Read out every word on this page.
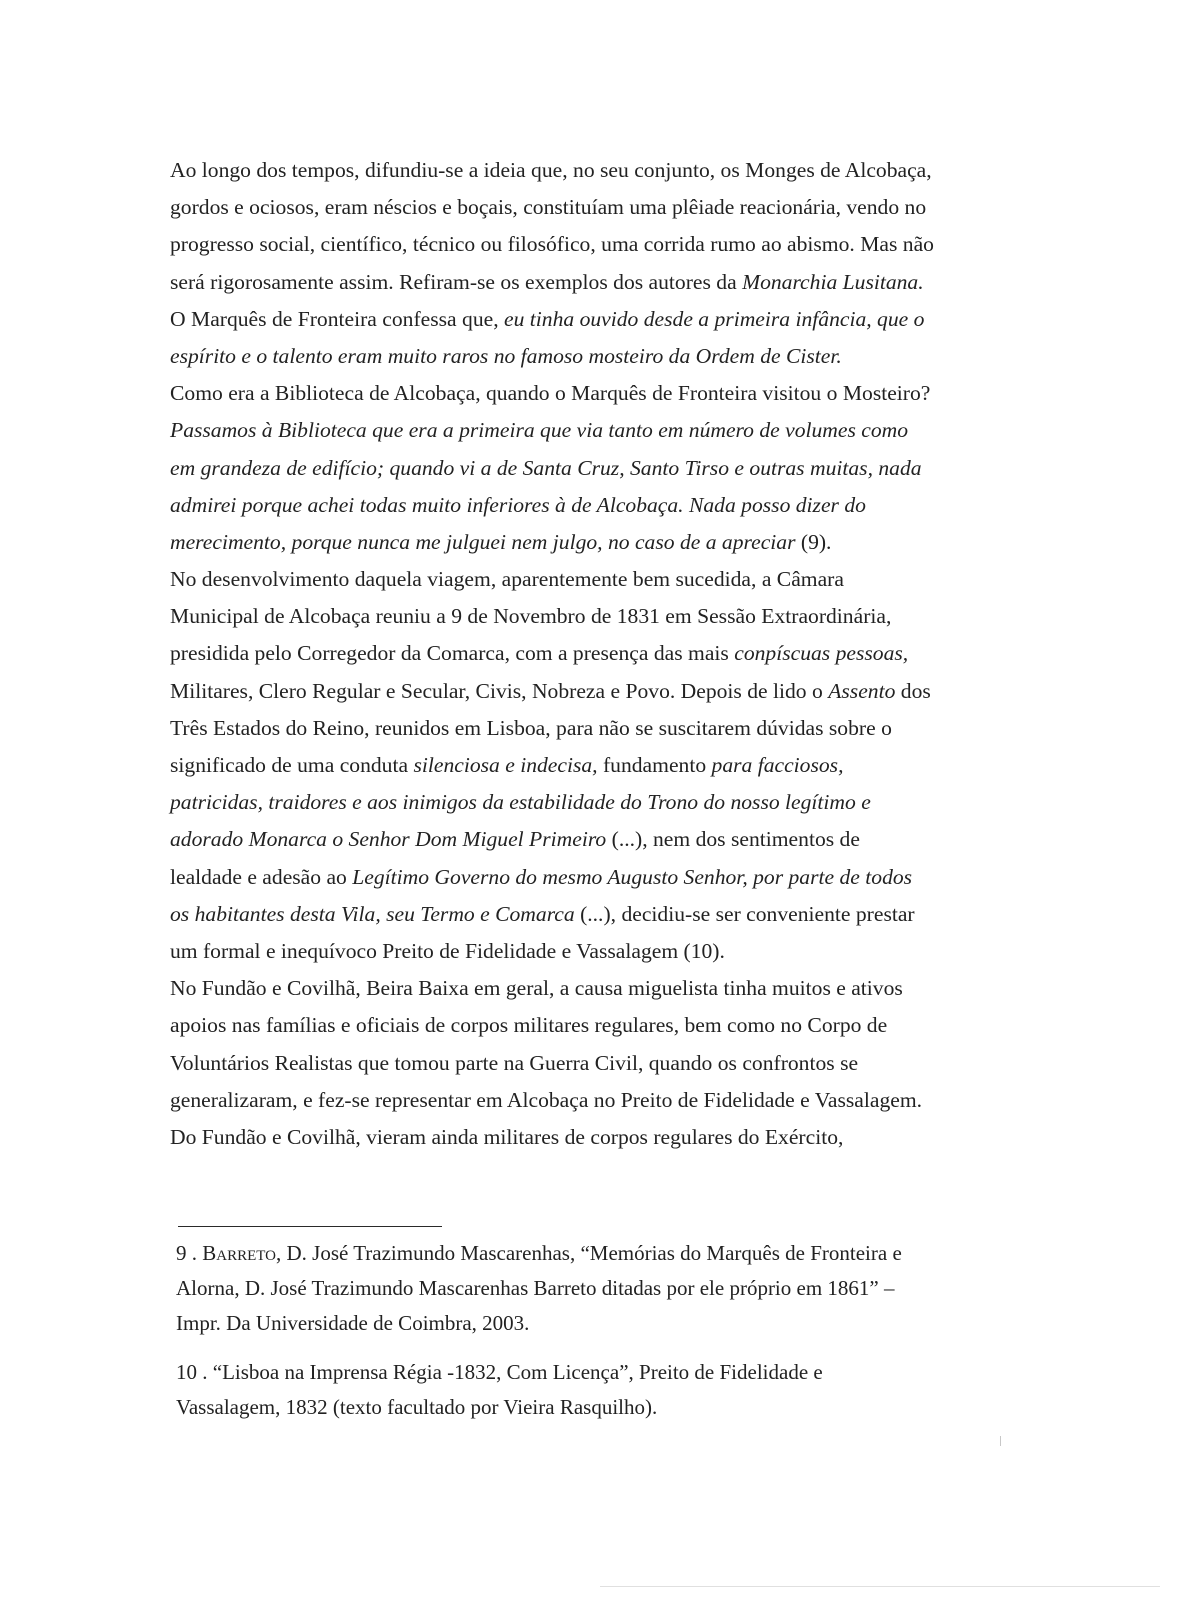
Ao longo dos tempos, difundiu-se a ideia que, no seu conjunto, os Monges de Alcobaça,
gordos e ociosos, eram néscios e boçais, constituíam uma plêiade reacionária, vendo no
progresso social, científico, técnico ou filosófico, uma corrida rumo ao abismo. Mas não
será rigorosamente assim. Refiram-se os exemplos dos autores da Monarchia Lusitana.
O Marquês de Fronteira confessa que, eu tinha ouvido desde a primeira infância, que o
espírito e o talento eram muito raros no famoso mosteiro da Ordem de Cister.
Como era a Biblioteca de Alcobaça, quando o Marquês de Fronteira visitou o Mosteiro?
Passamos à Biblioteca que era a primeira que via tanto em número de volumes como
em grandeza de edifício; quando vi a de Santa Cruz, Santo Tirso e outras muitas, nada
admirei porque achei todas muito inferiores à de Alcobaça. Nada posso dizer do
merecimento, porque nunca me julguei nem julgo, no caso de a apreciar (9).
No desenvolvimento daquela viagem, aparentemente bem sucedida, a Câmara
Municipal de Alcobaça reuniu a 9 de Novembro de 1831 em Sessão Extraordinária,
presidida pelo Corregedor da Comarca, com a presença das mais conpíscuas pessoas,
Militares, Clero Regular e Secular, Civis, Nobreza e Povo. Depois de lido o Assento dos
Três Estados do Reino, reunidos em Lisboa, para não se suscitarem dúvidas sobre o
significado de uma conduta silenciosa e indecisa, fundamento para facciosos,
patricidas, traidores e aos inimigos da estabilidade do Trono do nosso legítimo e
adorado Monarca o Senhor Dom Miguel Primeiro (...), nem dos sentimentos de
lealdade e adesão ao Legítimo Governo do mesmo Augusto Senhor, por parte de todos
os habitantes desta Vila, seu Termo e Comarca (...), decidiu-se ser conveniente prestar
um formal e inequívoco Preito de Fidelidade e Vassalagem (10).
No Fundão e Covilhã, Beira Baixa em geral, a causa miguelista tinha muitos e ativos
apoios nas famílias e oficiais de corpos militares regulares, bem como no Corpo de
Voluntários Realistas que tomou parte na Guerra Civil, quando os confrontos se
generalizaram, e fez-se representar em Alcobaça no Preito de Fidelidade e Vassalagem.
Do Fundão e Covilhã, vieram ainda militares de corpos regulares do Exército,
9 . Barreto, D. José Trazimundo Mascarenhas, “Memórias do Marquês de Fronteira e
Alorna, D. José Trazimundo Mascarenhas Barreto ditadas por ele próprio em 1861” –
Impr. Da Universidade de Coimbra, 2003.
10 . “Lisboa na Imprensa Régia -1832, Com Licença”, Preito de Fidelidade e
Vassalagem, 1832 (texto facultado por Vieira Rasquilho).
